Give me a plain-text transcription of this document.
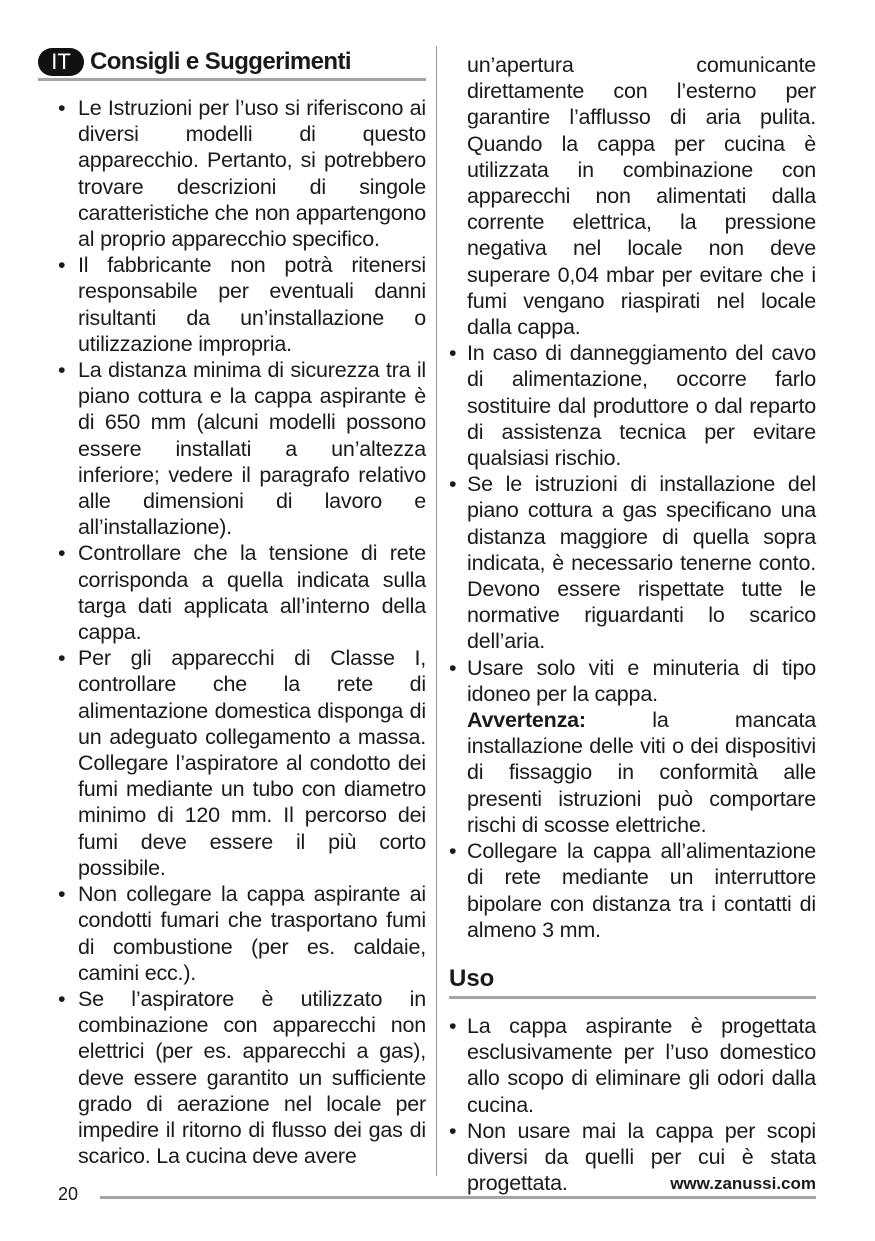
IT Consigli e Suggerimenti
• Le Istruzioni per l’uso si riferiscono ai diversi modelli di questo apparecchio. Pertanto, si potrebbero trovare descrizioni di singole caratteristiche che non appartengono al proprio apparecchio specifico.
• Il fabbricante non potrà ritenersi responsabile per eventuali danni risultanti da un’installazione o utilizzazione impropria.
• La distanza minima di sicurezza tra il piano cottura e la cappa aspirante è di 650 mm (alcuni modelli possono essere installati a un’altezza inferiore; vedere il paragrafo relativo alle dimensioni di lavoro e all’installazione).
• Controllare che la tensione di rete corrisponda a quella indicata sulla targa dati applicata all’interno della cappa.
• Per gli apparecchi di Classe I, controllare che la rete di alimentazione domestica disponga di un adeguato collegamento a massa. Collegare l’aspiratore al condotto dei fumi mediante un tubo con diametro minimo di 120 mm. Il percorso dei fumi deve essere il più corto possibile.
• Non collegare la cappa aspirante ai condotti fumari che trasportano fumi di combustione (per es. caldaie, camini ecc.).
• Se l’aspiratore è utilizzato in combinazione con apparecchi non elettrici (per es. apparecchi a gas), deve essere garantito un sufficiente grado di aerazione nel locale per impedire il ritorno di flusso dei gas di scarico. La cucina deve avere
un’apertura comunicante direttamente con l’esterno per garantire l’afflusso di aria pulita. Quando la cappa per cucina è utilizzata in combinazione con apparecchi non alimentati dalla corrente elettrica, la pressione negativa nel locale non deve superare 0,04 mbar per evitare che i fumi vengano riaspirati nel locale dalla cappa.
• In caso di danneggiamento del cavo di alimentazione, occorre farlo sostituire dal produttore o dal reparto di assistenza tecnica per evitare qualsiasi rischio.
• Se le istruzioni di installazione del piano cottura a gas specificano una distanza maggiore di quella sopra indicata, è necessario tenerne conto. Devono essere rispettate tutte le normative riguardanti lo scarico dell’aria.
• Usare solo viti e minuteria di tipo idoneo per la cappa.
Avvertenza: la mancata installazione delle viti o dei dispositivi di fissaggio in conformità alle presenti istruzioni può comportare rischi di scosse elettriche.
• Collegare la cappa all’alimentazione di rete mediante un interruttore bipolare con distanza tra i contatti di almeno 3 mm.
Uso
• La cappa aspirante è progettata esclusivamente per l’uso domestico allo scopo di eliminare gli odori dalla cucina.
• Non usare mai la cappa per scopi diversi da quelli per cui è stata progettata.
20
www.zanussi.com
